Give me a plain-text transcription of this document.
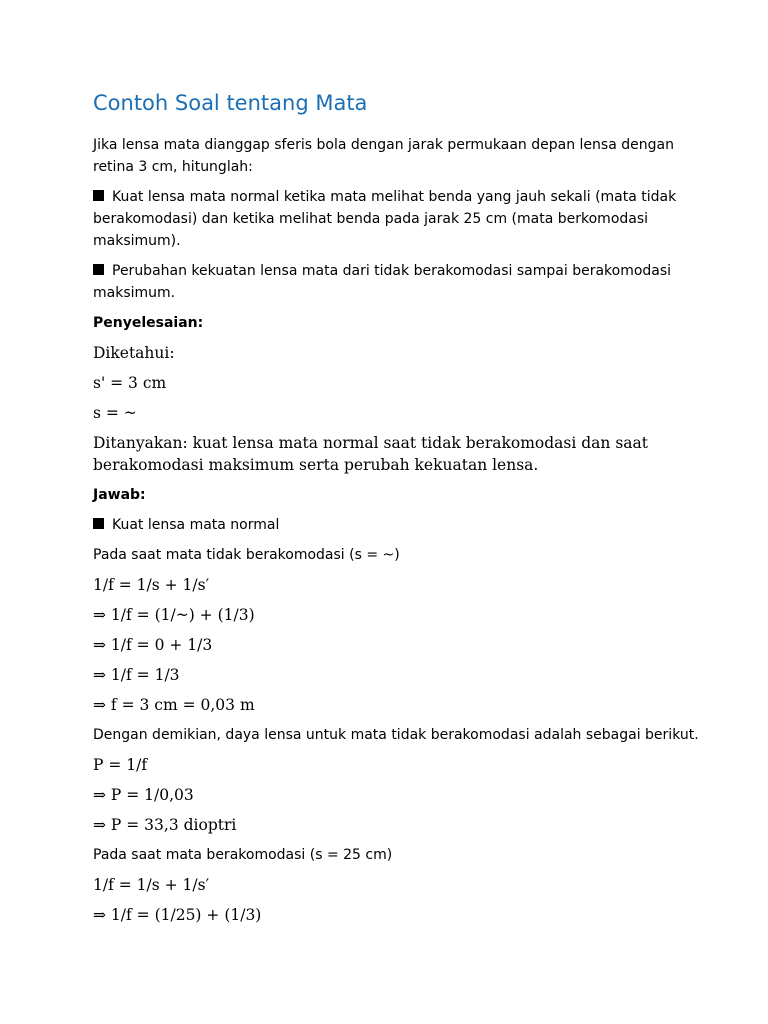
Contoh Soal tentang Mata
Jika lensa mata dianggap sferis bola dengan jarak permukaan depan lensa dengan retina 3 cm, hitunglah:
Kuat lensa mata normal ketika mata melihat benda yang jauh sekali (mata tidak berakomodasi) dan ketika melihat benda pada jarak 25 cm (mata berkomodasi maksimum).
Perubahan kekuatan lensa mata dari tidak berakomodasi sampai berakomodasi maksimum.
Penyelesaian:
Diketahui:
s' = 3 cm
s = ~
Ditanyakan: kuat lensa mata normal saat tidak berakomodasi dan saat berakomodasi maksimum serta perubah kekuatan lensa.
Jawab:
Kuat lensa mata normal
Pada saat mata tidak berakomodasi (s = ~)
1/f = 1/s + 1/s′
⇒ 1/f = (1/~) + (1/3)
⇒ 1/f = 0 + 1/3
⇒ 1/f = 1/3
⇒ f = 3 cm = 0,03 m
Dengan demikian, daya lensa untuk mata tidak berakomodasi adalah sebagai berikut.
P = 1/f
⇒ P = 1/0,03
⇒ P = 33,3 dioptri
Pada saat mata berakomodasi (s = 25 cm)
1/f = 1/s + 1/s′
⇒ 1/f = (1/25) + (1/3)
